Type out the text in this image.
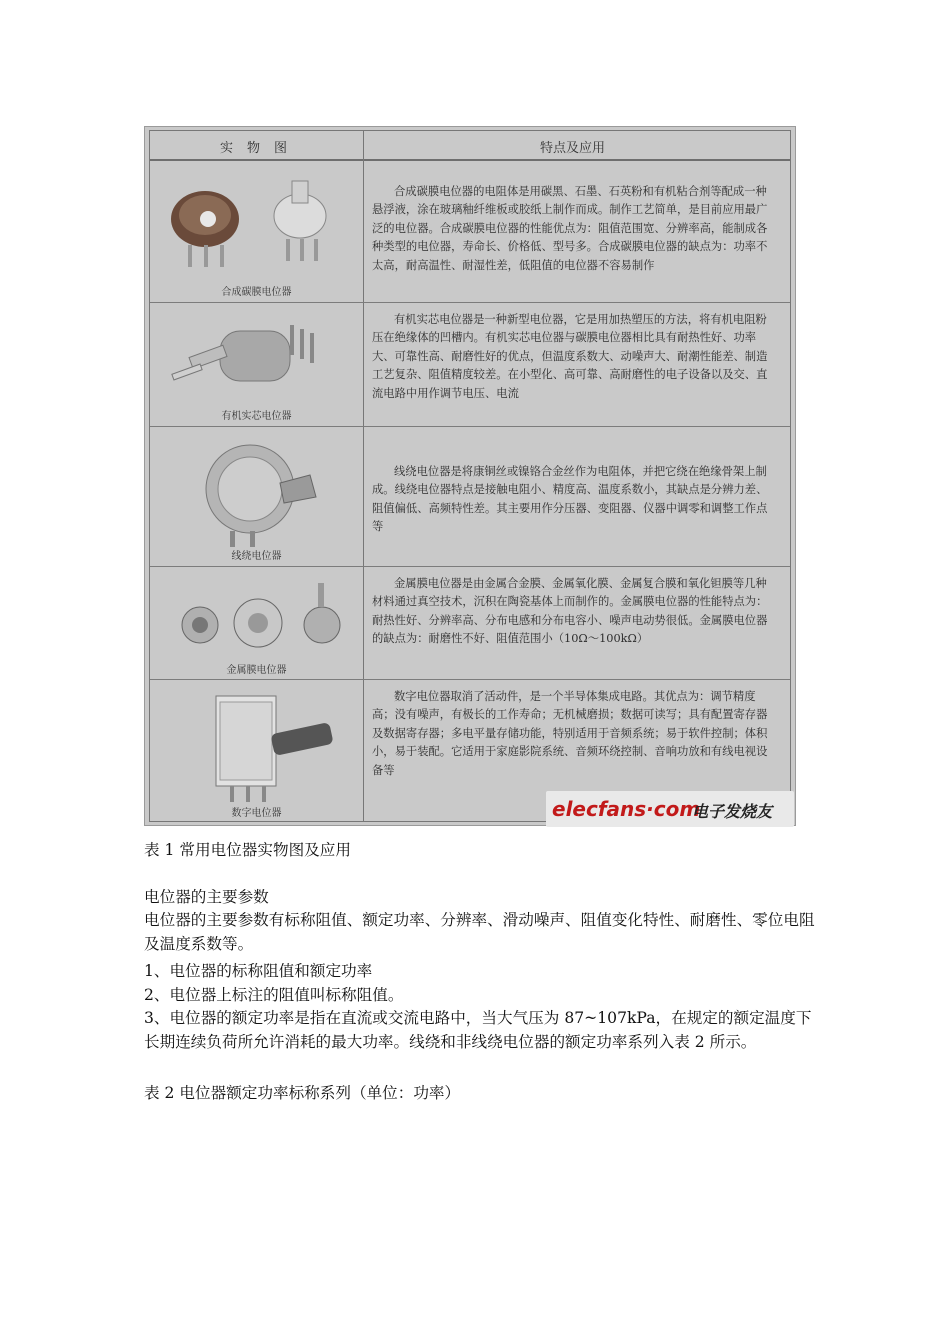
实物图	特点及应用
合成碳膜电位器
合成碳膜电位器的电阻体是用碳黑、石墨、石英粉和有机粘合剂等配成一种悬浮液，涂在玻璃釉纤维板或胶纸上制作而成。制作工艺简单，是目前应用最广泛的电位器。合成碳膜电位器的性能优点为：阻值范围宽、分辨率高，能制成各种类型的电位器，寿命长、价格低、型号多。合成碳膜电位器的缺点为：功率不太高，耐高温性、耐湿性差，低阻值的电位器不容易制作
有机实芯电位器
有机实芯电位器是一种新型电位器，它是用加热塑压的方法，将有机电阻粉压在绝缘体的凹槽内。有机实芯电位器与碳膜电位器相比具有耐热性好、功率大、可靠性高、耐磨性好的优点，但温度系数大、动噪声大、耐潮性能差、制造工艺复杂、阻值精度较差。在小型化、高可靠、高耐磨性的电子设备以及交、直流电路中用作调节电压、电流
线绕电位器
线绕电位器是将康铜丝或镍铬合金丝作为电阻体，并把它绕在绝缘骨架上制成。线绕电位器特点是接触电阻小、精度高、温度系数小，其缺点是分辨力差、阻值偏低、高频特性差。其主要用作分压器、变阻器、仪器中调零和调整工作点等
金属膜电位器
金属膜电位器是由金属合金膜、金属氧化膜、金属复合膜和氧化钽膜等几种材料通过真空技术，沉积在陶瓷基体上而制作的。金属膜电位器的性能特点为：耐热性好、分辨率高、分布电感和分布电容小、噪声电动势很低。金属膜电位器的缺点为：耐磨性不好、阻值范围小（10Ω～100kΩ）
数字电位器
数字电位器取消了活动件，是一个半导体集成电路。其优点为：调节精度高；没有噪声，有极长的工作寿命；无机械磨损；数据可读写；具有配置寄存器及数据寄存器；多电平量存储功能，特别适用于音频系统；易于软件控制；体积小，易于装配。它适用于家庭影院系统、音频环绕控制、音响功放和有线电视设备等
elecfans·com
电子发烧友
表 1 常用电位器实物图及应用
电位器的主要参数
电位器的主要参数有标称阻值、额定功率、分辨率、滑动噪声、阻值变化特性、耐磨性、零位电阻及温度系数等。
1、电位器的标称阻值和额定功率
2、电位器上标注的阻值叫标称阻值。
3、电位器的额定功率是指在直流或交流电路中，当大气压为 87~107kPa，在规定的额定温度下长期连续负荷所允许消耗的最大功率。线绕和非线绕电位器的额定功率系列入表 2 所示。
表 2 电位器额定功率标称系列（单位：功率）
